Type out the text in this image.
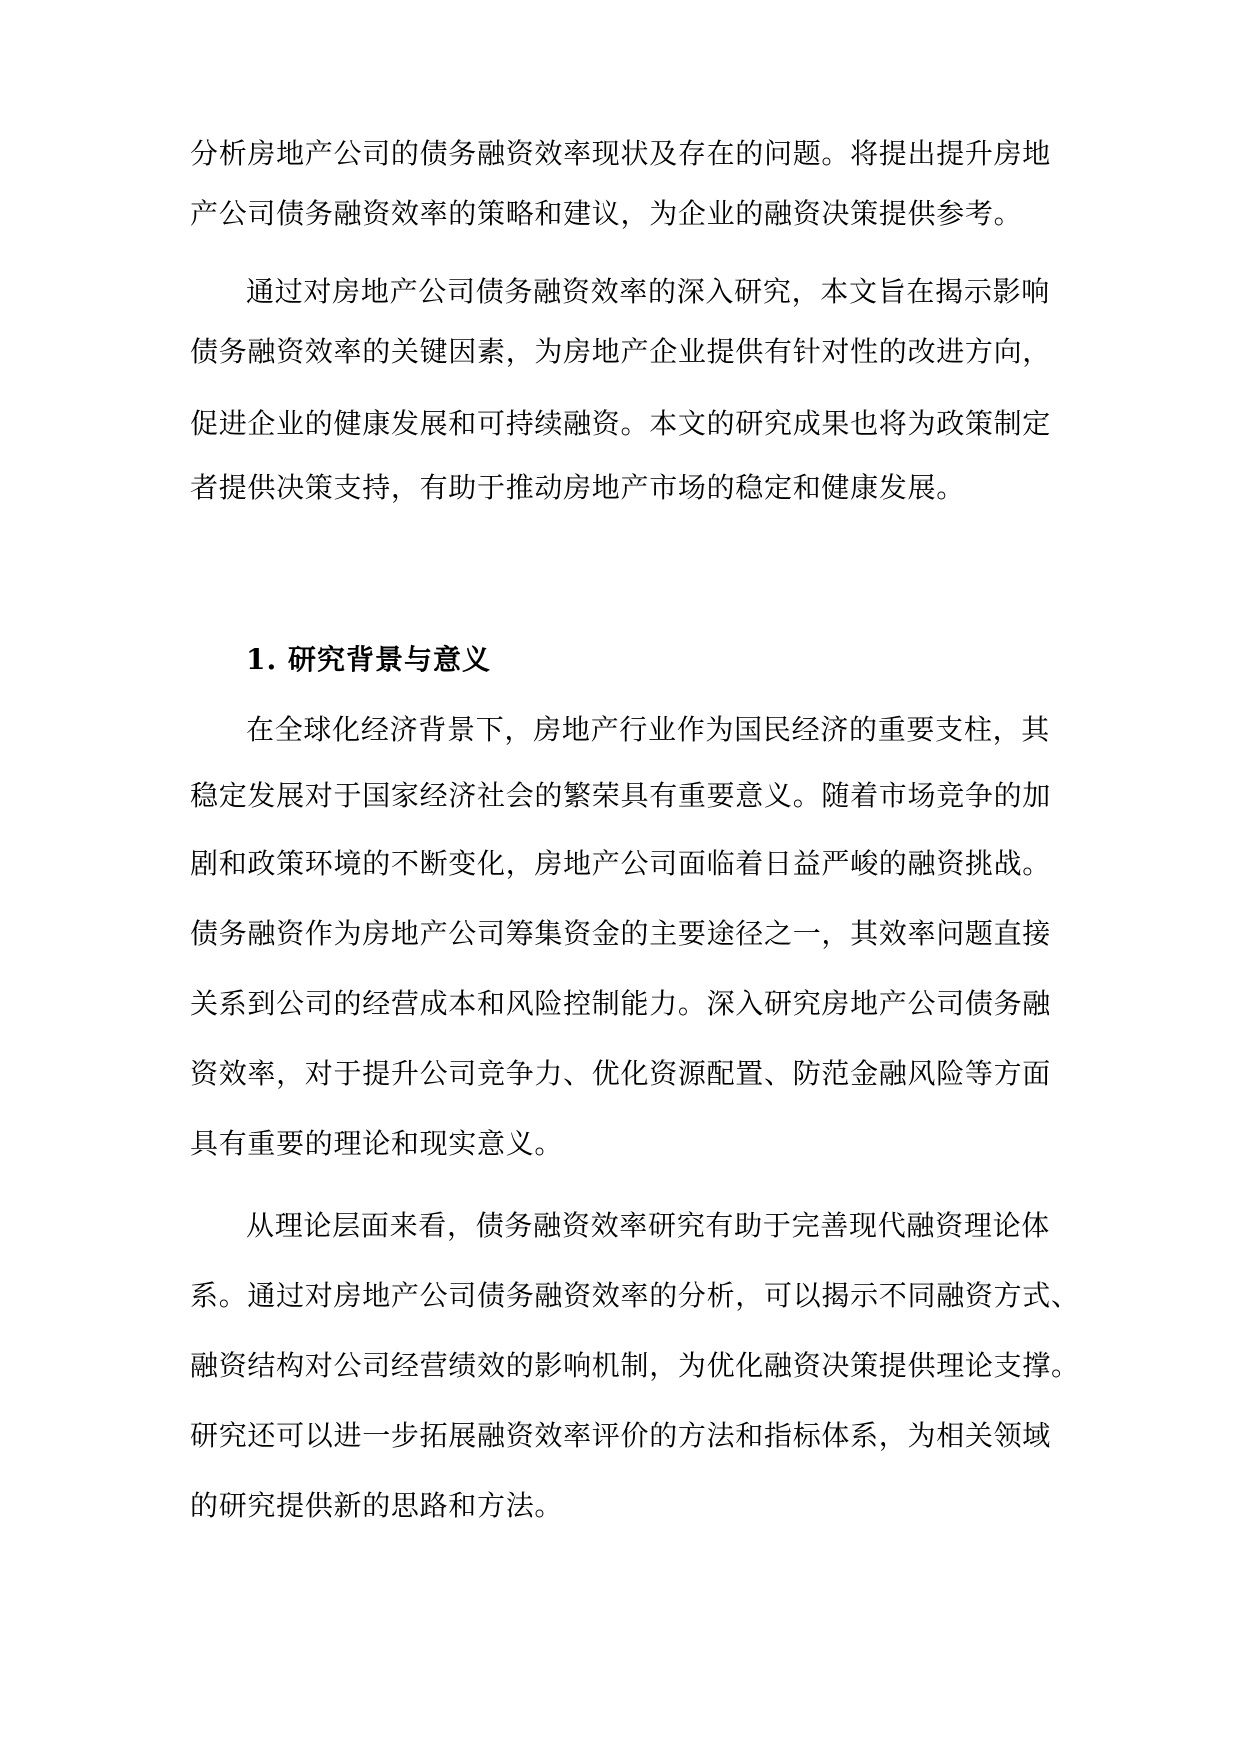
分析房地产公司的债务融资效率现状及存在的问题。将提出提升房地
产公司债务融资效率的策略和建议，为企业的融资决策提供参考。
通过对房地产公司债务融资效率的深入研究，本文旨在揭示影响
债务融资效率的关键因素，为房地产企业提供有针对性的改进方向，
促进企业的健康发展和可持续融资。本文的研究成果也将为政策制定
者提供决策支持，有助于推动房地产市场的稳定和健康发展。
1. 研究背景与意义
在全球化经济背景下，房地产行业作为国民经济的重要支柱，其
稳定发展对于国家经济社会的繁荣具有重要意义。随着市场竞争的加
剧和政策环境的不断变化，房地产公司面临着日益严峻的融资挑战。
债务融资作为房地产公司筹集资金的主要途径之一，其效率问题直接
关系到公司的经营成本和风险控制能力。深入研究房地产公司债务融
资效率，对于提升公司竞争力、优化资源配置、防范金融风险等方面
具有重要的理论和现实意义。
从理论层面来看，债务融资效率研究有助于完善现代融资理论体
系。通过对房地产公司债务融资效率的分析，可以揭示不同融资方式、
融资结构对公司经营绩效的影响机制，为优化融资决策提供理论支撑。
研究还可以进一步拓展融资效率评价的方法和指标体系，为相关领域
的研究提供新的思路和方法。
